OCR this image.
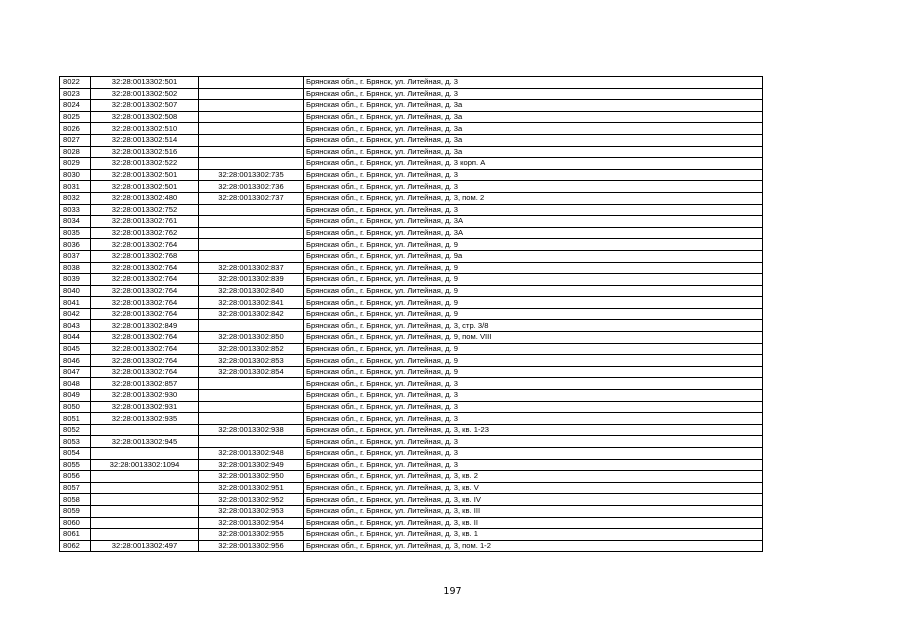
8022	32:28:0013302:501		Брянская обл., г. Брянск, ул. Литейная, д. 3
8023	32:28:0013302:502		Брянская обл., г. Брянск, ул. Литейная, д. 3
8024	32:28:0013302:507		Брянская обл., г. Брянск, ул. Литейная, д. 3а
8025	32:28:0013302:508		Брянская обл., г. Брянск, ул. Литейная, д. 3а
8026	32:28:0013302:510		Брянская обл., г. Брянск, ул. Литейная, д. 3а
8027	32:28:0013302:514		Брянская обл., г. Брянск, ул. Литейная, д. 3а
8028	32:28:0013302:516		Брянская обл., г. Брянск, ул. Литейная, д. 3а
8029	32:28:0013302:522		Брянская обл., г. Брянск, ул. Литейная, д. 3 корп. А
8030	32:28:0013302:501	32:28:0013302:735	Брянская обл., г. Брянск, ул. Литейная, д. 3
8031	32:28:0013302:501	32:28:0013302:736	Брянская обл., г. Брянск, ул. Литейная, д. 3
8032	32:28:0013302:480	32:28:0013302:737	Брянская обл., г. Брянск, ул. Литейная, д. 3, пом. 2
8033	32:28:0013302:752		Брянская обл., г. Брянск, ул. Литейная, д. 3
8034	32:28:0013302:761		Брянская обл., г. Брянск, ул. Литейная, д. 3А
8035	32:28:0013302:762		Брянская обл., г. Брянск, ул. Литейная, д. 3А
8036	32:28:0013302:764		Брянская обл., г. Брянск, ул. Литейная, д. 9
8037	32:28:0013302:768		Брянская обл., г. Брянск, ул. Литейная, д. 9а
8038	32:28:0013302:764	32:28:0013302:837	Брянская обл., г. Брянск, ул. Литейная, д. 9
8039	32:28:0013302:764	32:28:0013302:839	Брянская обл., г. Брянск, ул. Литейная, д. 9
8040	32:28:0013302:764	32:28:0013302:840	Брянская обл., г. Брянск, ул. Литейная, д. 9
8041	32:28:0013302:764	32:28:0013302:841	Брянская обл., г. Брянск, ул. Литейная, д. 9
8042	32:28:0013302:764	32:28:0013302:842	Брянская обл., г. Брянск, ул. Литейная, д. 9
8043	32:28:0013302:849		Брянская обл., г. Брянск, ул. Литейная, д. 3, стр. 3/8
8044	32:28:0013302:764	32:28:0013302:850	Брянская обл., г. Брянск, ул. Литейная, д. 9, пом. VIII
8045	32:28:0013302:764	32:28:0013302:852	Брянская обл., г. Брянск, ул. Литейная, д. 9
8046	32:28:0013302:764	32:28:0013302:853	Брянская обл., г. Брянск, ул. Литейная, д. 9
8047	32:28:0013302:764	32:28:0013302:854	Брянская обл., г. Брянск, ул. Литейная, д. 9
8048	32:28:0013302:857		Брянская обл., г. Брянск, ул. Литейная, д. 3
8049	32:28:0013302:930		Брянская обл., г. Брянск, ул. Литейная, д. 3
8050	32:28:0013302:931		Брянская обл., г. Брянск, ул. Литейная, д. 3
8051	32:28:0013302:935		Брянская обл., г. Брянск, ул. Литейная, д. 3
8052		32:28:0013302:938	Брянская обл., г. Брянск, ул. Литейная, д. 3, кв. 1-23
8053	32:28:0013302:945		Брянская обл., г. Брянск, ул. Литейная, д. 3
8054		32:28:0013302:948	Брянская обл., г. Брянск, ул. Литейная, д. 3
8055	32:28:0013302:1094	32:28:0013302:949	Брянская обл., г. Брянск, ул. Литейная, д. 3
8056		32:28:0013302:950	Брянская обл., г. Брянск, ул. Литейная, д. 3, кв. 2
8057		32:28:0013302:951	Брянская обл., г. Брянск, ул. Литейная, д. 3, кв. V
8058		32:28:0013302:952	Брянская обл., г. Брянск, ул. Литейная, д. 3, кв. IV
8059		32:28:0013302:953	Брянская обл., г. Брянск, ул. Литейная, д. 3, кв. III
8060		32:28:0013302:954	Брянская обл., г. Брянск, ул. Литейная, д. 3, кв. II
8061		32:28:0013302:955	Брянская обл., г. Брянск, ул. Литейная, д. 3, кв. 1
8062	32:28:0013302:497	32:28:0013302:956	Брянская обл., г. Брянск, ул. Литейная, д. 3, пом. 1-2
197
